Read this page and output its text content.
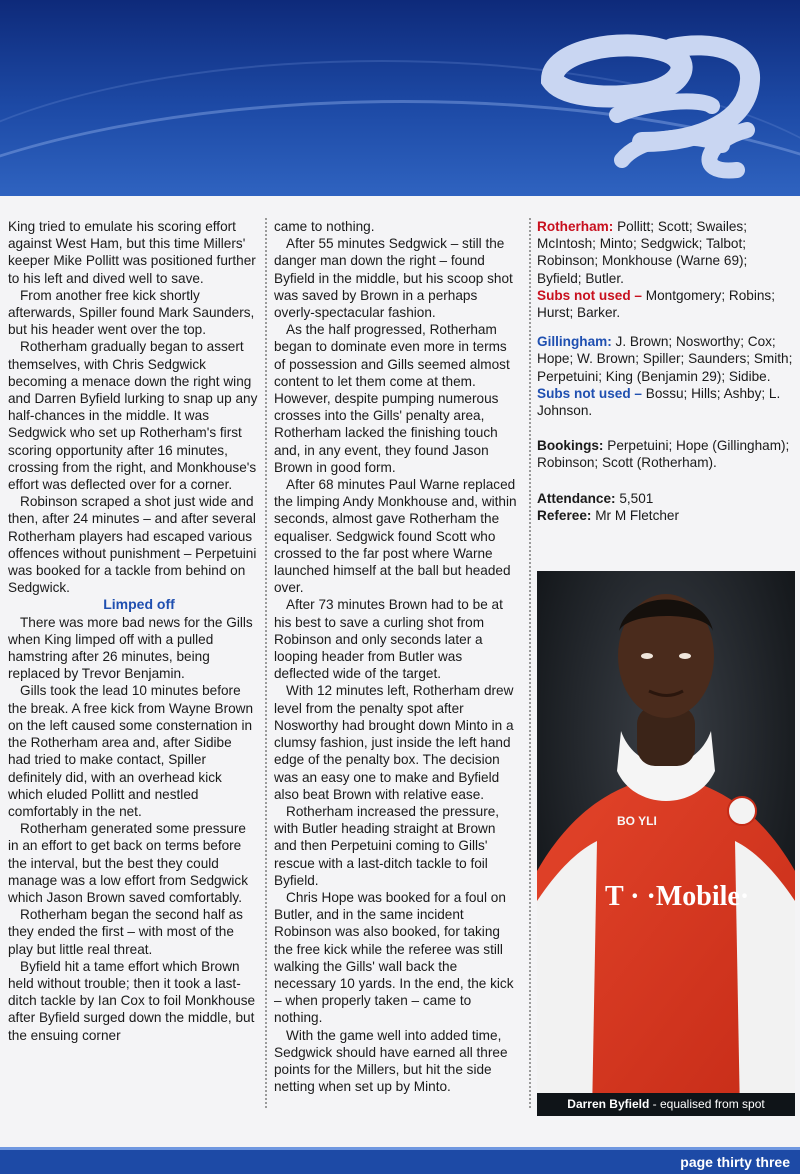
gfc

King tried to emulate his scoring effort against West Ham, but this time Millers' keeper Mike Pollitt was positioned further to his left and dived well to save.

From another free kick shortly afterwards, Spiller found Mark Saunders, but his header went over the top.

Rotherham gradually began to assert themselves, with Chris Sedgwick becoming a menace down the right wing and Darren Byfield lurking to snap up any half-chances in the middle. It was Sedgwick who set up Rotherham's first scoring opportunity after 16 minutes, crossing from the right, and Monkhouse's effort was deflected over for a corner.

Robinson scraped a shot just wide and then, after 24 minutes – and after several Rotherham players had escaped various offences without punishment – Perpetuini was booked for a tackle from behind on Sedgwick.

Limped off

There was more bad news for the Gills when King limped off with a pulled hamstring after 26 minutes, being replaced by Trevor Benjamin.

Gills took the lead 10 minutes before the break. A free kick from Wayne Brown on the left caused some consternation in the Rotherham area and, after Sidibe had tried to make contact, Spiller definitely did, with an overhead kick which eluded Pollitt and nestled comfortably in the net.

Rotherham generated some pressure in an effort to get back on terms before the interval, but the best they could manage was a low effort from Sedgwick which Jason Brown saved comfortably.

Rotherham began the second half as they ended the first – with most of the play but little real threat.

Byfield hit a tame effort which Brown held without trouble; then it took a last-ditch tackle by Ian Cox to foil Monkhouse after Byfield surged down the middle, but the ensuing corner

came to nothing.

After 55 minutes Sedgwick – still the danger man down the right – found Byfield in the middle, but his scoop shot was saved by Brown in a perhaps overly-spectacular fashion.

As the half progressed, Rotherham began to dominate even more in terms of possession and Gills seemed almost content to let them come at them. However, despite pumping numerous crosses into the Gills' penalty area, Rotherham lacked the finishing touch and, in any event, they found Jason Brown in good form.

After 68 minutes Paul Warne replaced the limping Andy Monkhouse and, within seconds, almost gave Rotherham the equaliser. Sedgwick found Scott who crossed to the far post where Warne launched himself at the ball but headed over.

After 73 minutes Brown had to be at his best to save a curling shot from Robinson and only seconds later a looping header from Butler was deflected wide of the target.

With 12 minutes left, Rotherham drew level from the penalty spot after Nosworthy had brought down Minto in a clumsy fashion, just inside the left hand edge of the penalty box. The decision was an easy one to make and Byfield also beat Brown with relative ease.

Rotherham increased the pressure, with Butler heading straight at Brown and then Perpetuini coming to Gills' rescue with a last-ditch tackle to foil Byfield.

Chris Hope was booked for a foul on Butler, and in the same incident Robinson was also booked, for taking the free kick while the referee was still walking the Gills' wall back the necessary 10 yards. In the end, the kick – when properly taken – came to nothing.

With the game well into added time, Sedgwick should have earned all three points for the Millers, but hit the side netting when set up by Minto.

Rotherham: Pollitt; Scott; Swailes; McIntosh; Minto; Sedgwick; Talbot; Robinson; Monkhouse (Warne 69); Byfield; Butler.

Subs not used – Montgomery; Robins; Hurst; Barker.

Gillingham: J. Brown; Nosworthy; Cox; Hope; W. Brown; Spiller; Saunders; Smith; Perpetuini; King (Benjamin 29); Sidibe.

Subs not used – Bossu; Hills; Ashby; L. Johnson.

Bookings: Perpetuini; Hope (Gillingham); Robinson; Scott (Rotherham).

Attendance: 5,501

Referee: Mr M Fletcher

BO YLI
T · ·Mobile·
Darren Byfield - equalised from spot
page thirty three
